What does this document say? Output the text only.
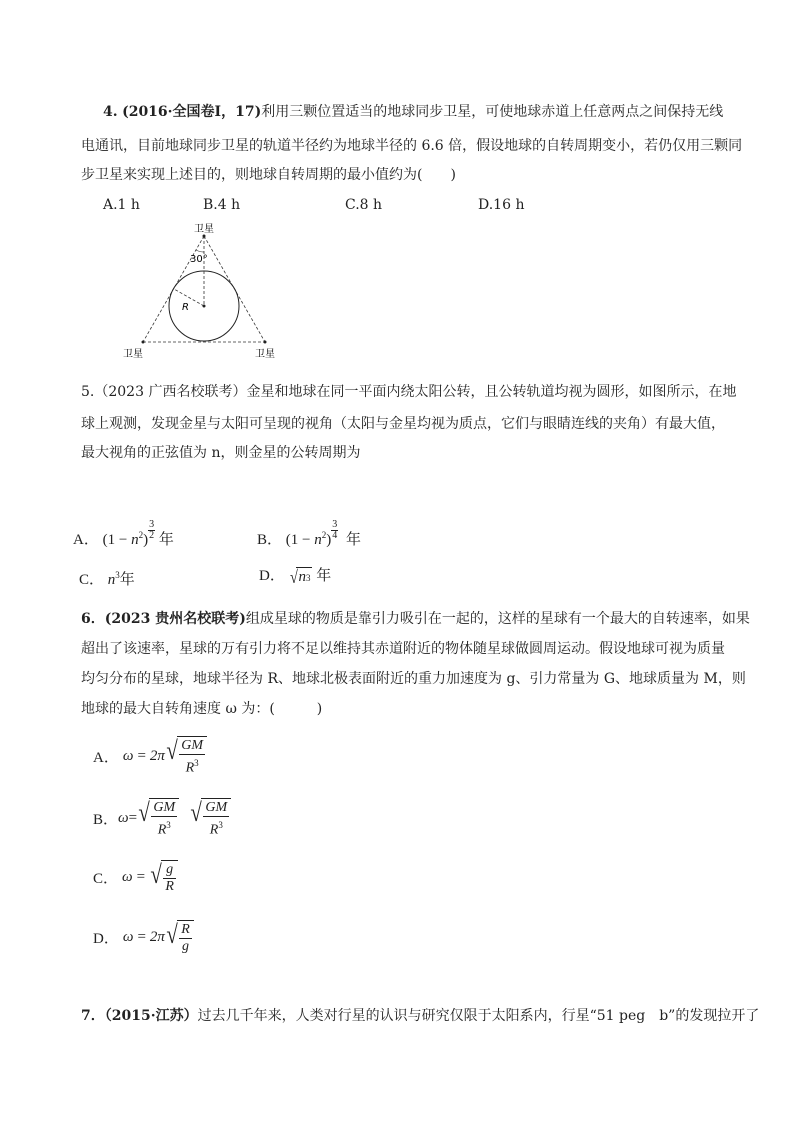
4. (2016·全国卷Ⅰ，17)利用三颗位置适当的地球同步卫星，可使地球赤道上任意两点之间保持无线
电通讯，目前地球同步卫星的轨道半径约为地球半径的 6.6 倍，假设地球的自转周期变小，若仍仅用三颗同
步卫星来实现上述目的，则地球自转周期的最小值约为(　　)
A.1 h	B.4 h	C.8 h	D.16 h
卫星
30°
R
卫星	卫星
5.（2023 广西名校联考）金星和地球在同一平面内绕太阳公转，且公转轨道均视为圆形，如图所示，在地
球上观测，发现金星与太阳可呈现的视角（太阳与金星均视为质点，它们与眼睛连线的夹角）有最大值，
最大视角的正弦值为 n，则金星的公转周期为
A． $(1 - n^2) \frac{3}{2}$ 年	B． $(1 - n^2) \frac{3}{4}$ 年
C． $n^3$年	D． √ n 3 年
6．(2023 贵州名校联考)组成星球的物质是靠引力吸引在一起的，这样的星球有一个最大的自转速率，如果
超出了该速率，星球的万有引力将不足以维持其赤道附近的物体随星球做圆周运动。假设地球可视为质量
均匀分布的星球，地球半径为 R、地球北极表面附近的重力加速度为 g、引力常量为 G、地球质量为 M，则
地球的最大自转角速度 ω 为：(　　　)
A． ω = 2π √ GM
$R^3$
B． ω = √ GM
$R^3$ √ GM
$R^3$
C． ω = √ $\frac{g}{R}$
D． ω = 2π √ $\frac{R}{g}$
7．（2015·江苏）过去几千年来，人类对行星的认识与研究仅限于太阳系内，行星“51 peg　b”的发现拉开了
